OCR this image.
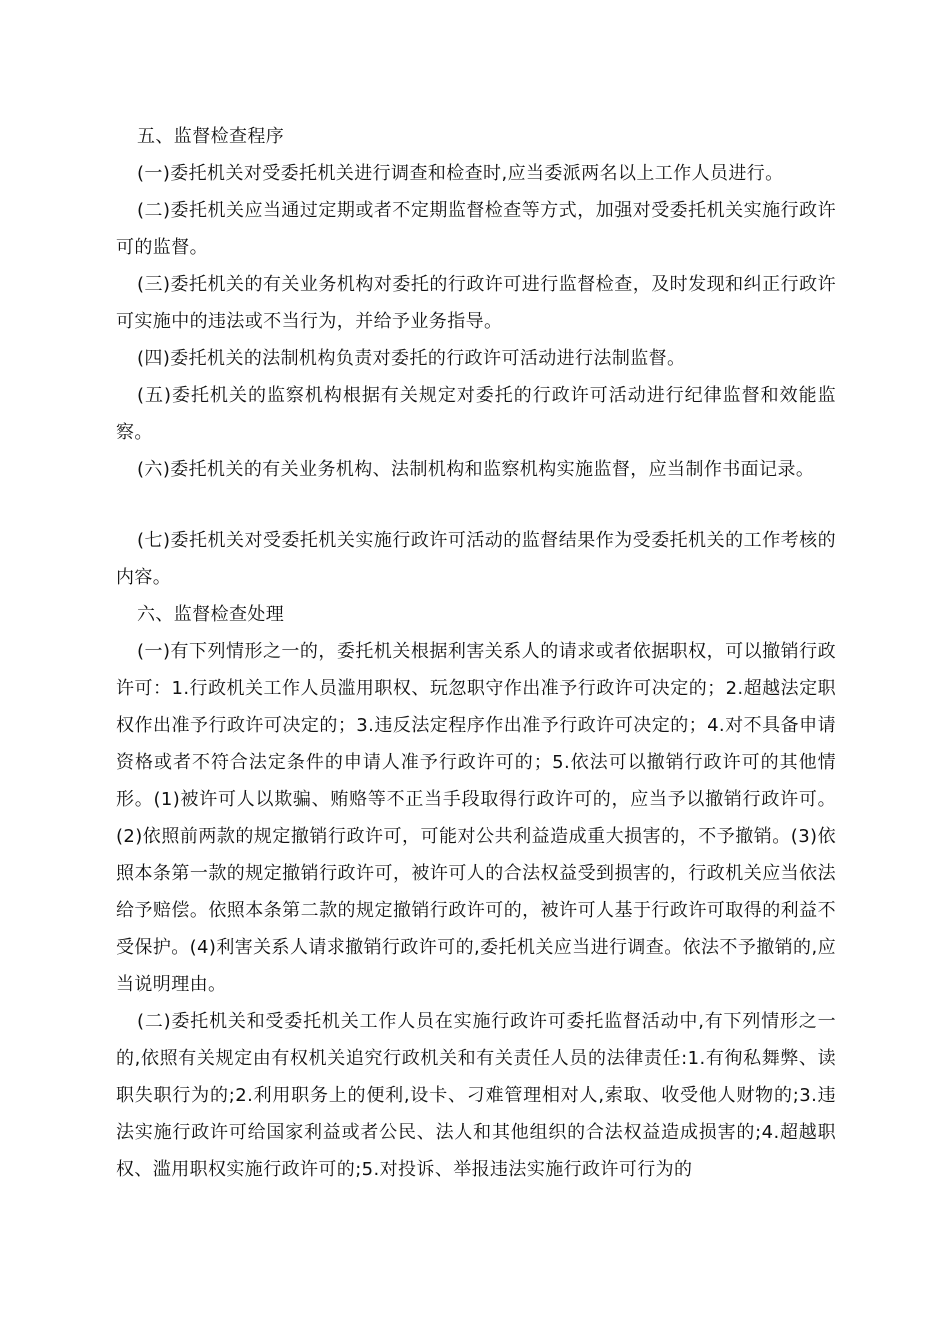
五、监督检查程序

(一)委托机关对受委托机关进行调查和检查时,应当委派两名以上工作人员进行。

(二)委托机关应当通过定期或者不定期监督检查等方式，加强对受委托机关实施行政许可的监督。

(三)委托机关的有关业务机构对委托的行政许可进行监督检查，及时发现和纠正行政许可实施中的违法或不当行为，并给予业务指导。

(四)委托机关的法制机构负责对委托的行政许可活动进行法制监督。

(五)委托机关的监察机构根据有关规定对委托的行政许可活动进行纪律监督和效能监察。

(六)委托机关的有关业务机构、法制机构和监察机构实施监督，应当制作书面记录。

(七)委托机关对受委托机关实施行政许可活动的监督结果作为受委托机关的工作考核的内容。

六、监督检查处理

(一)有下列情形之一的，委托机关根据利害关系人的请求或者依据职权，可以撤销行政许可：1.行政机关工作人员滥用职权、玩忽职守作出准予行政许可决定的；2.超越法定职权作出准予行政许可决定的；3.违反法定程序作出准予行政许可决定的；4.对不具备申请资格或者不符合法定条件的申请人准予行政许可的；5.依法可以撤销行政许可的其他情形。(1)被许可人以欺骗、贿赂等不正当手段取得行政许可的，应当予以撤销行政许可。(2)依照前两款的规定撤销行政许可，可能对公共利益造成重大损害的，不予撤销。(3)依照本条第一款的规定撤销行政许可，被许可人的合法权益受到损害的，行政机关应当依法给予赔偿。依照本条第二款的规定撤销行政许可的，被许可人基于行政许可取得的利益不受保护。(4)利害关系人请求撤销行政许可的,委托机关应当进行调查。依法不予撤销的,应当说明理由。

(二)委托机关和受委托机关工作人员在实施行政许可委托监督活动中,有下列情形之一的,依照有关规定由有权机关追究行政机关和有关责任人员的法律责任:1.有徇私舞弊、读职失职行为的;2.利用职务上的便利,设卡、刁难管理相对人,索取、收受他人财物的;3.违法实施行政许可给国家利益或者公民、法人和其他组织的合法权益造成损害的;4.超越职权、滥用职权实施行政许可的;5.对投诉、举报违法实施行政许可行为的
